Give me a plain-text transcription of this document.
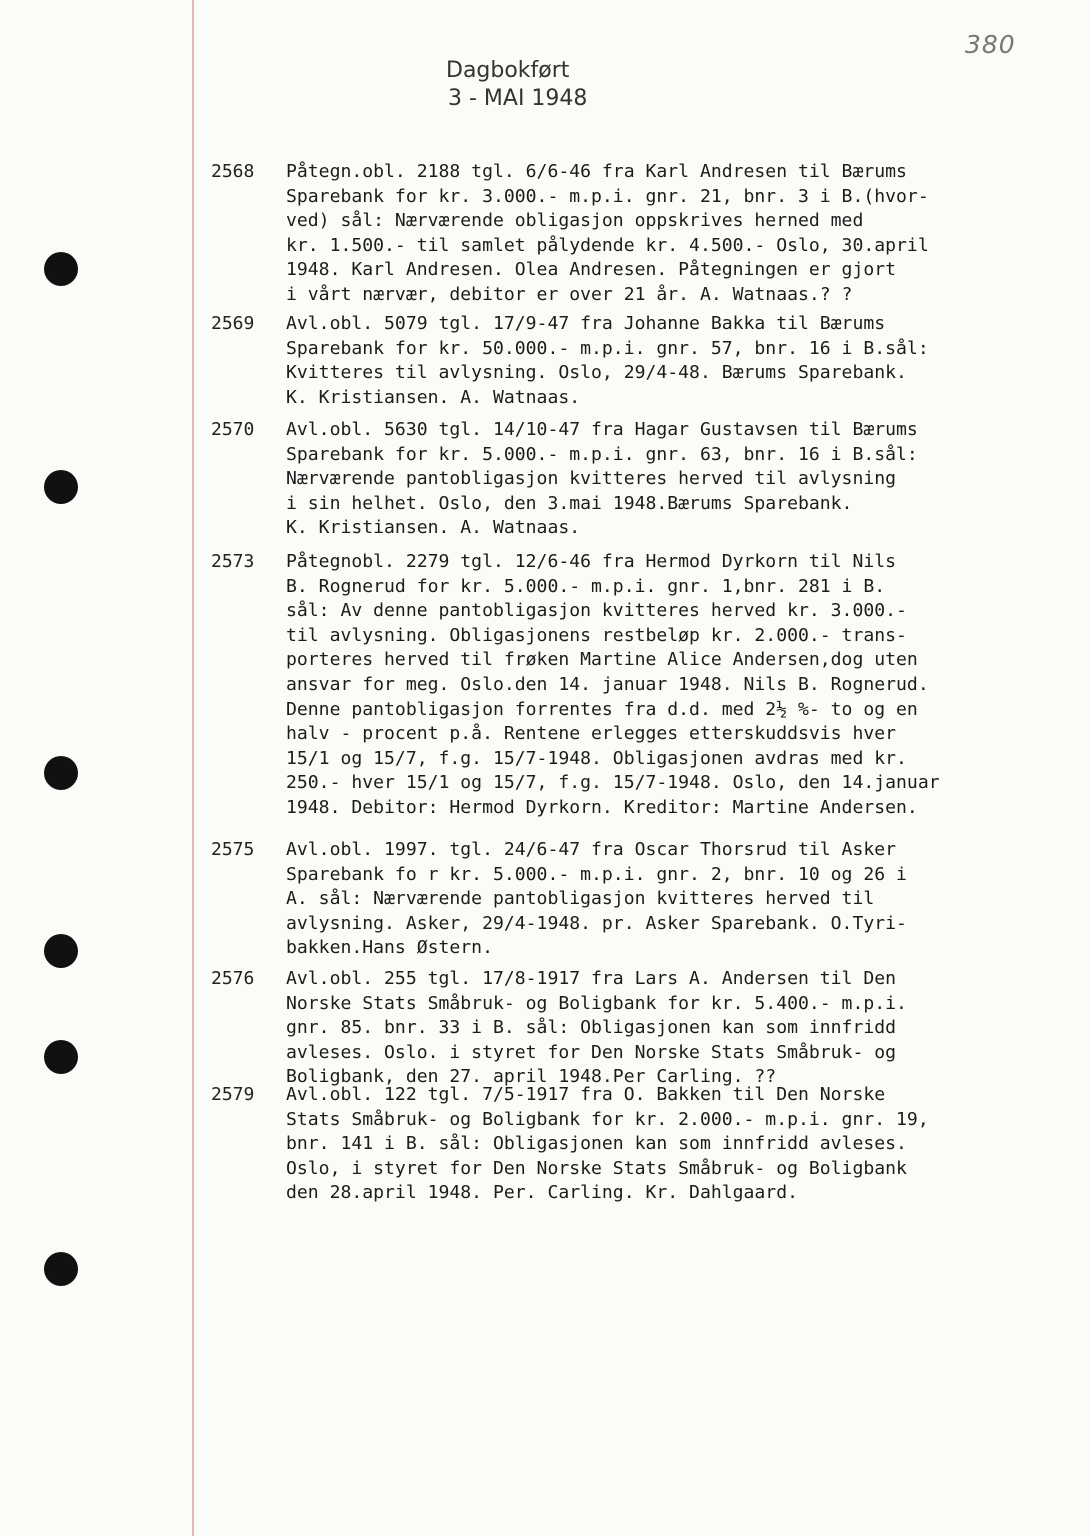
380
Dagbokført
3 - MAI 1948
2568 Påtegn.obl. 2188 tgl. 6/6-46 fra Karl Andresen til Bærums
Sparebank for kr. 3.000.- m.p.i. gnr. 21, bnr. 3 i B.(hvor-
ved) sål: Nærværende obligasjon oppskrives herned med
kr. 1.500.- til samlet pålydende kr. 4.500.- Oslo, 30.april
1948. Karl Andresen. Olea Andresen. Påtegningen er gjort
i vårt nærvær, debitor er over 21 år. A. Watnaas.? ?
2569 Avl.obl. 5079 tgl. 17/9-47 fra Johanne Bakka til Bærums
Sparebank for kr. 50.000.- m.p.i. gnr. 57, bnr. 16 i B.sål:
Kvitteres til avlysning. Oslo, 29/4-48. Bærums Sparebank.
K. Kristiansen. A. Watnaas.
2570 Avl.obl. 5630 tgl. 14/10-47 fra Hagar Gustavsen til Bærums
Sparebank for kr. 5.000.- m.p.i. gnr. 63, bnr. 16 i B.sål:
Nærværende pantobligasjon kvitteres herved til avlysning
i sin helhet. Oslo, den 3.mai 1948.Bærums Sparebank.
K. Kristiansen. A. Watnaas.
2573 Påtegnobl. 2279 tgl. 12/6-46 fra Hermod Dyrkorn til Nils
B. Rognerud for kr. 5.000.- m.p.i. gnr. 1,bnr. 281 i B.
sål: Av denne pantobligasjon kvitteres herved kr. 3.000.-
til avlysning. Obligasjonens restbeløp kr. 2.000.- trans-
porteres herved til frøken Martine Alice Andersen,dog uten
ansvar for meg. Oslo.den 14. januar 1948. Nils B. Rognerud.
Denne pantobligasjon forrentes fra d.d. med 2½ %- to og en
halv - procent p.å. Rentene erlegges etterskuddsvis hver
15/1 og 15/7, f.g. 15/7-1948. Obligasjonen avdras med kr.
250.- hver 15/1 og 15/7, f.g. 15/7-1948. Oslo, den 14.januar
1948. Debitor: Hermod Dyrkorn. Kreditor: Martine Andersen.
2575 Avl.obl. 1997. tgl. 24/6-47 fra Oscar Thorsrud til Asker
Sparebank fo r kr. 5.000.- m.p.i. gnr. 2, bnr. 10 og 26 i
A. sål: Nærværende pantobligasjon kvitteres herved til
avlysning. Asker, 29/4-1948. pr. Asker Sparebank. O.Tyri-
bakken.Hans Østern.
2576 Avl.obl. 255 tgl. 17/8-1917 fra Lars A. Andersen til Den
Norske Stats Småbruk- og Boligbank for kr. 5.400.- m.p.i.
gnr. 85. bnr. 33 i B. sål: Obligasjonen kan som innfridd
avleses. Oslo. i styret for Den Norske Stats Småbruk- og
Boligbank, den 27. april 1948.Per Carling. ??
2579 Avl.obl. 122 tgl. 7/5-1917 fra O. Bakken til Den Norske
Stats Småbruk- og Boligbank for kr. 2.000.- m.p.i. gnr. 19,
bnr. 141 i B. sål: Obligasjonen kan som innfridd avleses.
Oslo, i styret for Den Norske Stats Småbruk- og Boligbank
den 28.april 1948. Per. Carling. Kr. Dahlgaard.
